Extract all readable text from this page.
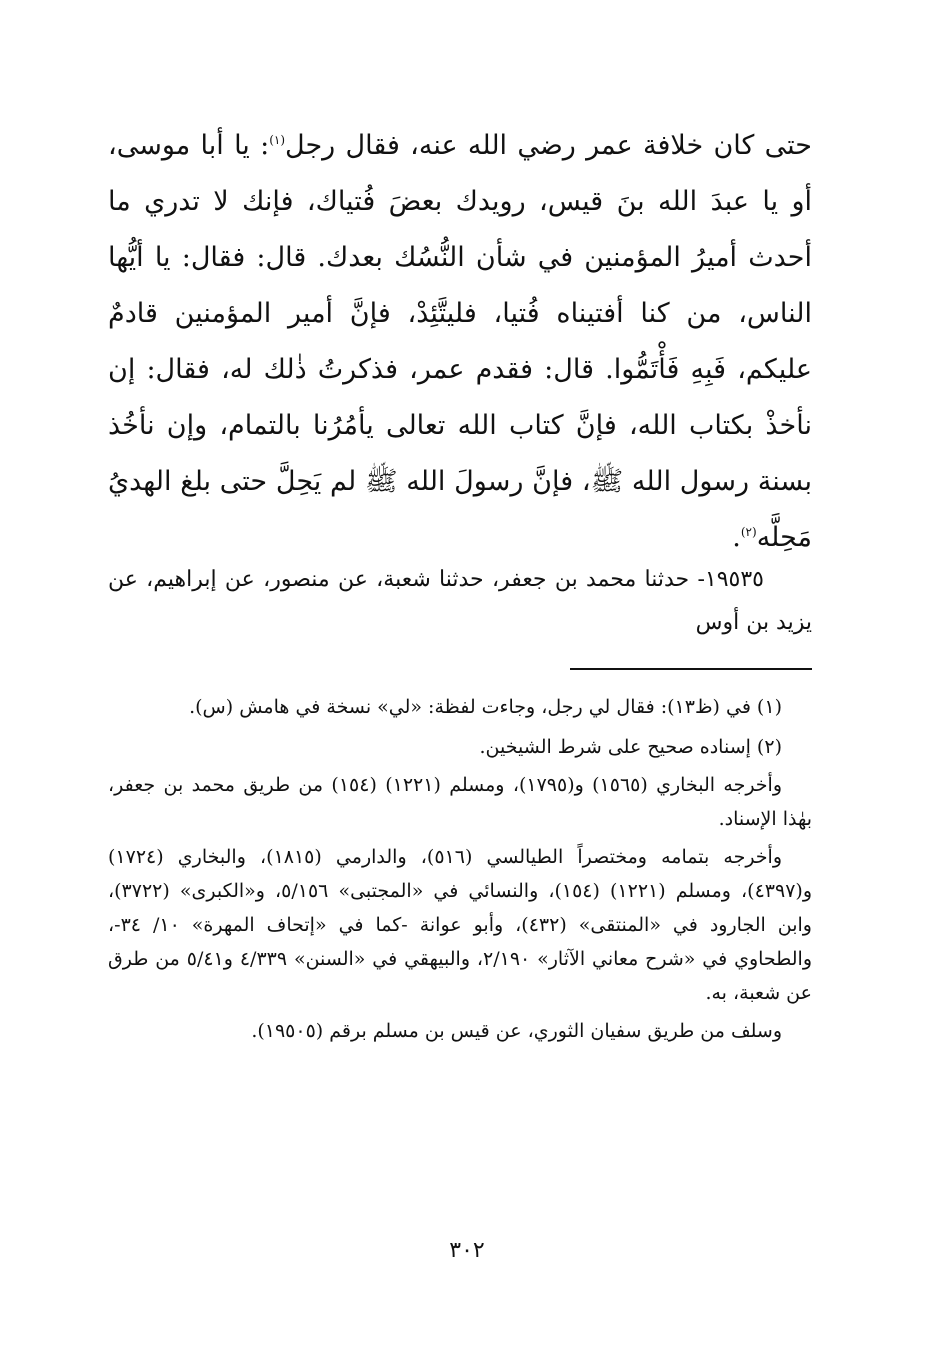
حتى كان خلافة عمر رضي الله عنه، فقال رجل$^{(١)}$: يا أبا موسى، أو يا عبدَ الله بنَ قيس، رويدك بعضَ فُتياك، فإنك لا تدري ما أحدث أميرُ المؤمنين في شأن النُّسُك بعدك. قال: فقال: يا أيُّها الناس، من كنا أفتيناه فُتيا، فليتَّئِدْ، فإنَّ أمير المؤمنين قادمٌ عليكم، فَبِهِ فَأْتَمُّوا. قال: فقدم عمر، فذكرتُ ذٰلك له، فقال: إن نأخذْ بكتاب الله، فإنَّ كتاب الله تعالى يأمُرُنا بالتمام، وإن نأخُذ بسنة رسول الله ﷺ، فإنَّ رسولَ الله ﷺ لم يَحِلَّ حتى بلغ الهديُ مَحِلَّه$^{(٢)}$.

١٩٥٣٥- حدثنا محمد بن جعفر، حدثنا شعبة، عن منصور، عن إبراهيم، عن يزيد بن أوس

(١) في (ظ١٣): فقال لي رجل، وجاءت لفظة: «لي» نسخة في هامش (س).

(٢) إسناده صحيح على شرط الشيخين.

وأخرجه البخاري (١٥٦٥) و(١٧٩٥)، ومسلم (١٢٢١) (١٥٤) من طريق محمد بن جعفر، بهٰذا الإسناد.

وأخرجه بتمامه ومختصراً الطيالسي (٥١٦)، والدارمي (١٨١٥)، والبخاري (١٧٢٤) و(٤٣٩٧)، ومسلم (١٢٢١) (١٥٤)، والنسائي في «المجتبى» ٥/١٥٦، و«الكبرى» (٣٧٢٢)، وابن الجارود في «المنتقى» (٤٣٢)، وأبو عوانة -كما في «إتحاف المهرة» ١٠/ ٣٤-، والطحاوي في «شرح معاني الآثار» ٢/١٩٠، والبيهقي في «السنن» ٤/٣٣٩ و٥/٤١ من طرق عن شعبة، به.

وسلف من طريق سفيان الثوري، عن قيس بن مسلم برقم (١٩٥٠٥).

٣٠٢
